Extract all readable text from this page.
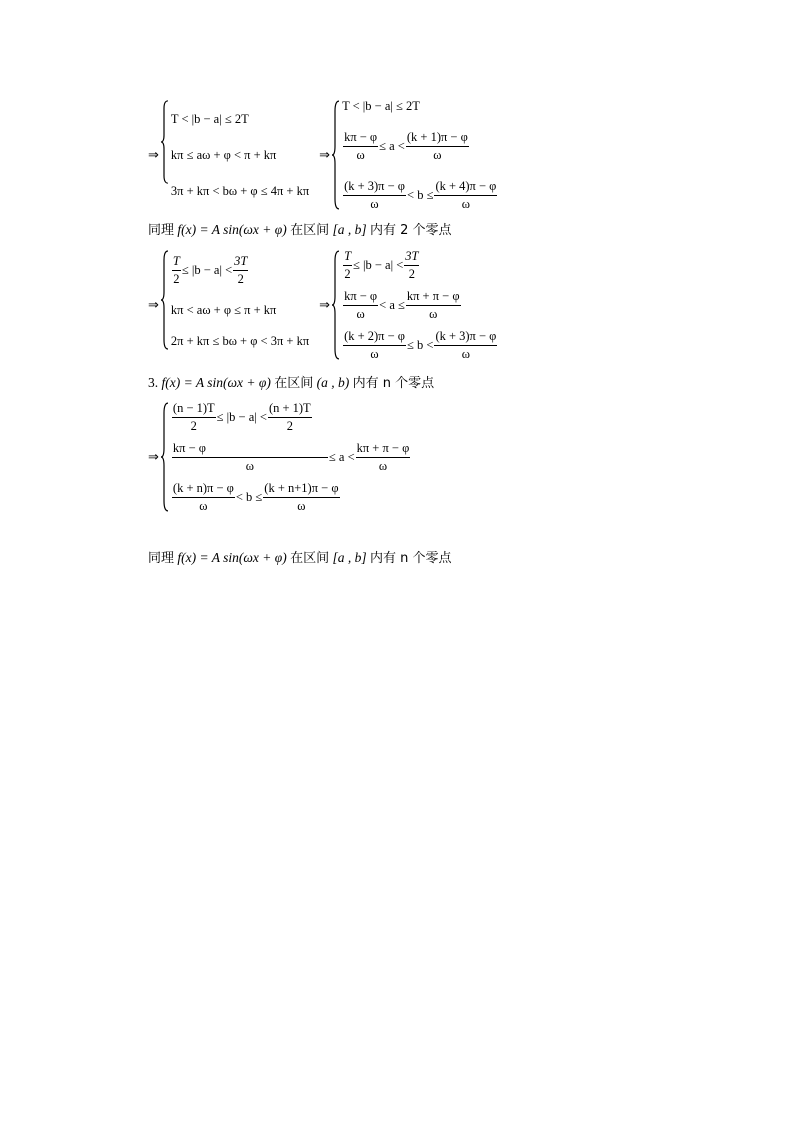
⇒
T < |b − a| ≤ 2T
kπ ≤ aω + φ < π + kπ
3π + kπ < bω + φ ≤ 4π + kπ
⇒
T < |b − a| ≤ 2T
$\frac{k\pi - \varphi}{\omega} \le a < \frac{(k + 1)\pi - \varphi}{\omega}$
$\frac{(k + 3)\pi - \varphi}{\omega} < b \le \frac{(k + 4)\pi - \varphi}{\omega}$
同理 f(x) = A sin(ωx + φ) 在区间 [a , b] 内有 2 个零点
⇒
$\frac{T}{2} \le |b - a| < \frac{3T}{2}$
kπ < aω + φ ≤ π + kπ
2π + kπ ≤ bω + φ < 3π + kπ
⇒
$\frac{T}{2} \le |b - a| < \frac{3T}{2}$
$\frac{k\pi - \varphi}{\omega} < a \le \frac{k\pi + \pi - \varphi}{\omega}$
$\frac{(k + 2)\pi - \varphi}{\omega} \le b < \frac{(k + 3)\pi - \varphi}{\omega}$
3. f(x) = A sin(ωx + φ) 在区间 (a , b) 内有 n 个零点
⇒
$\frac{(n - 1)T}{2} \le |b - a| < \frac{(n + 1)T}{2}$
$\frac{k\pi - \varphi}{\omega} \le a < \frac{k\pi + \pi - \varphi}{\omega}$
$\frac{(k + n)\pi - \varphi}{\omega} < b \le \frac{(k + n+1)\pi - \varphi}{\omega}$
同理 f(x) = A sin(ωx + φ) 在区间 [a , b] 内有 n 个零点
